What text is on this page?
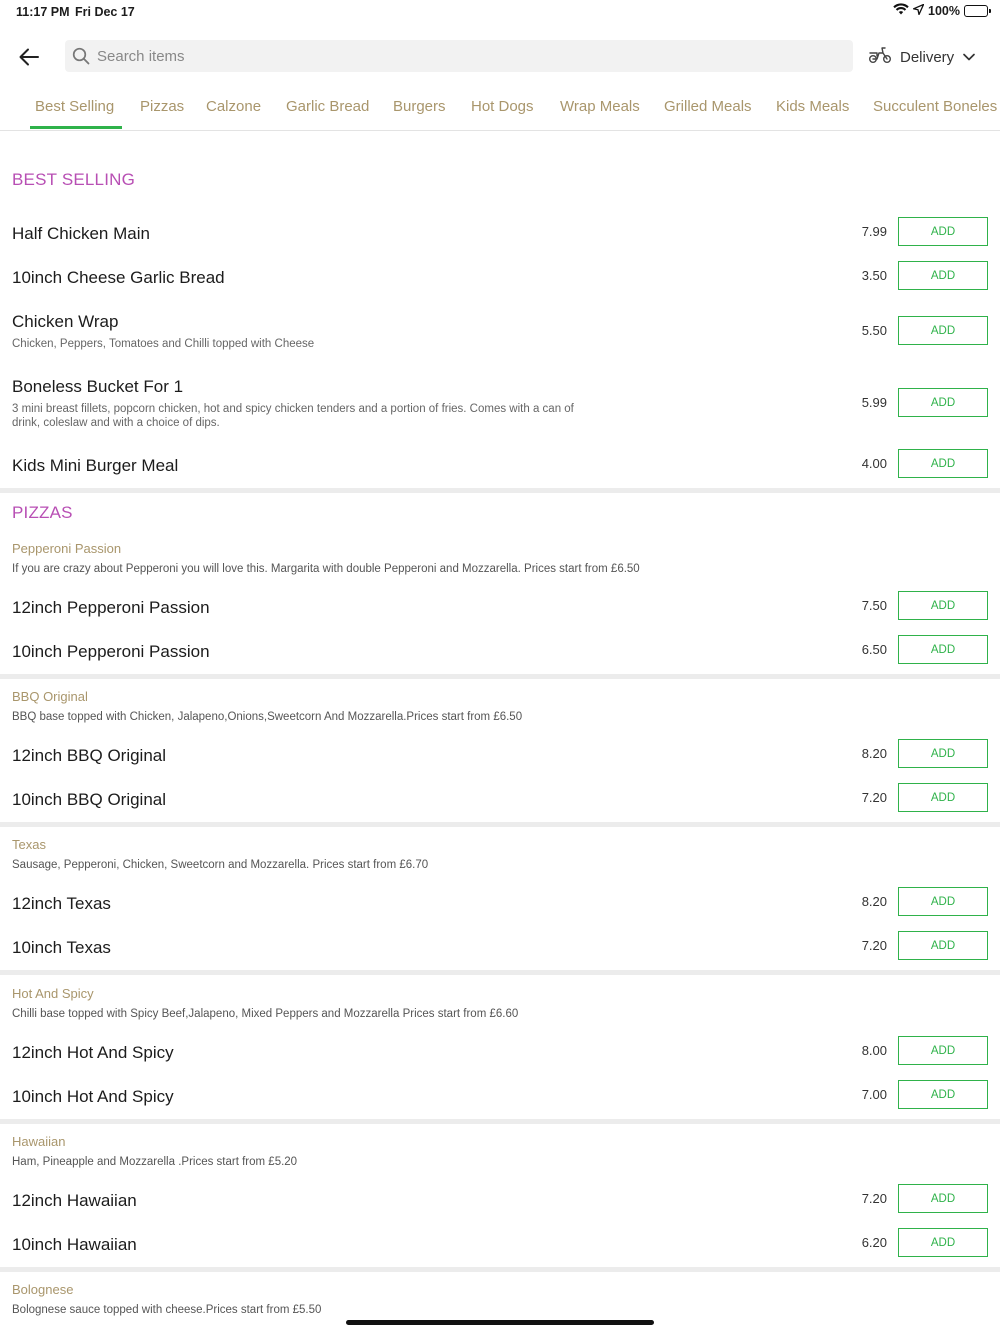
11:17 PM Fri Dec 17	100%
Search items
Delivery
Best Selling Pizzas Calzone Garlic Bread Burgers Hot Dogs Wrap Meals Grilled Meals Kids Meals Succulent Boneles
BEST SELLING
Half Chicken Main	7.99	ADD
10inch Cheese Garlic Bread	3.50	ADD
Chicken Wrap
Chicken, Peppers, Tomatoes and Chilli topped with Cheese
5.50	ADD
Boneless Bucket For 1
3 mini breast fillets, popcorn chicken, hot and spicy chicken tenders and a portion of fries. Comes with a can of drink, coleslaw and with a choice of dips.
5.99	ADD
Kids Mini Burger Meal	4.00	ADD
PIZZAS
Pepperoni Passion
If you are crazy about Pepperoni you will love this. Margarita with double Pepperoni and Mozzarella. Prices start from £6.50
12inch Pepperoni Passion	7.50	ADD
10inch Pepperoni Passion	6.50	ADD
BBQ Original
BBQ base topped with Chicken, Jalapeno,Onions,Sweetcorn And Mozzarella.Prices start from £6.50
12inch BBQ Original	8.20	ADD
10inch BBQ Original	7.20	ADD
Texas
Sausage, Pepperoni, Chicken, Sweetcorn and Mozzarella. Prices start from £6.70
12inch Texas	8.20	ADD
10inch Texas	7.20	ADD
Hot And Spicy
Chilli base topped with Spicy Beef,Jalapeno, Mixed Peppers and Mozzarella Prices start from £6.60
12inch Hot And Spicy	8.00	ADD
10inch Hot And Spicy	7.00	ADD
Hawaiian
Ham, Pineapple and Mozzarella .Prices start from £5.20
12inch Hawaiian	7.20	ADD
10inch Hawaiian	6.20	ADD
Bolognese
Bolognese sauce topped with cheese.Prices start from £5.50
